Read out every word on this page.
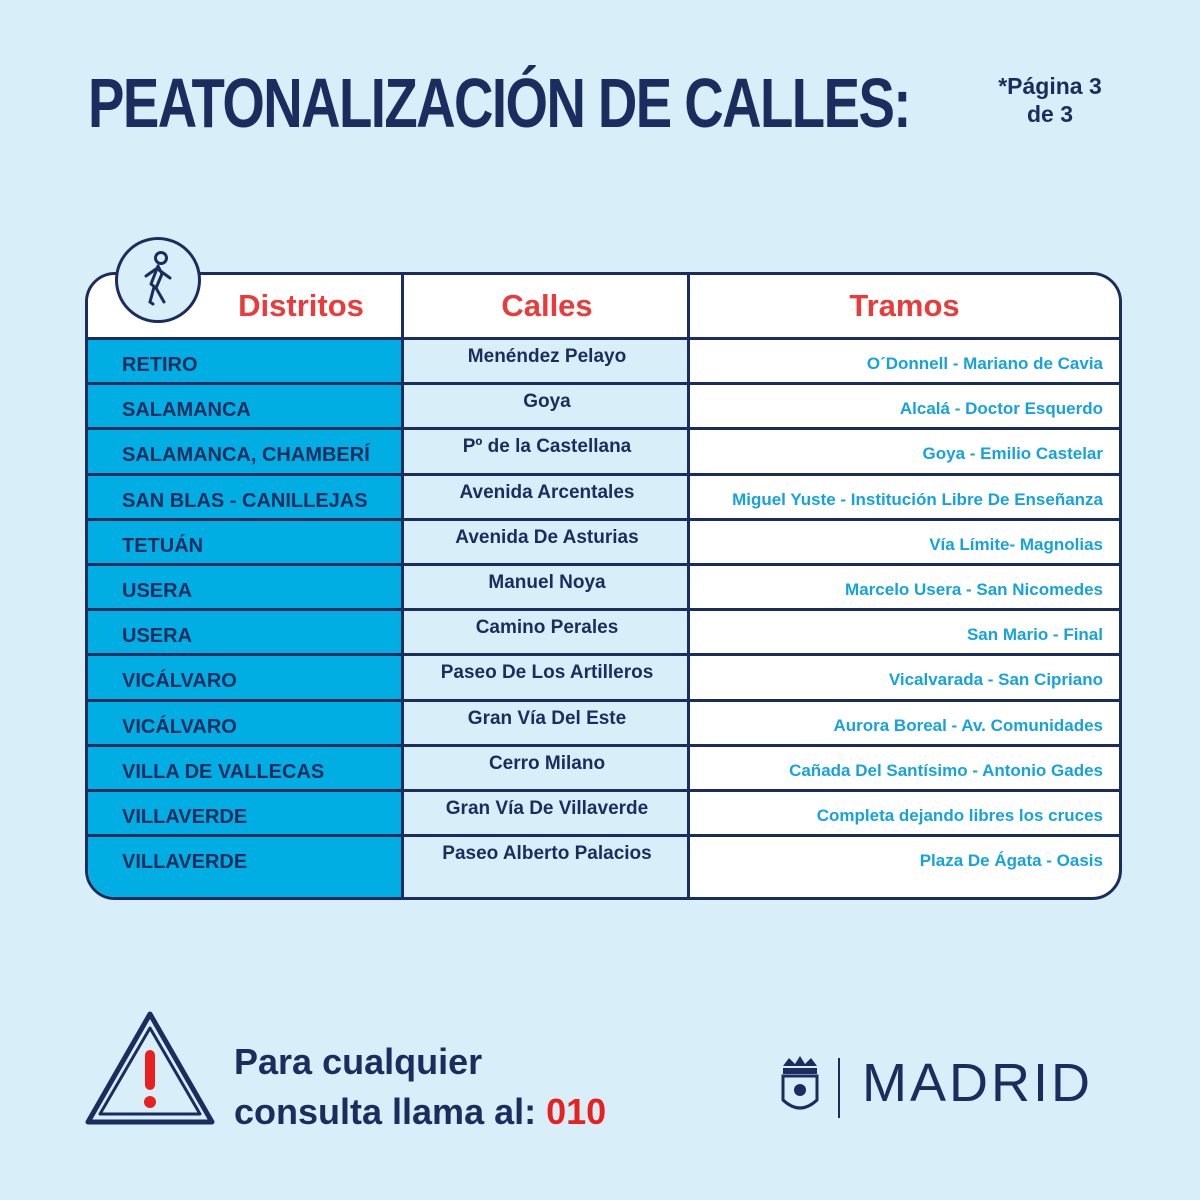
PEATONALIZACIÓN DE CALLES:	*Página 3
de 3
Distritos	Calles	Tramos
RETIRO	Menéndez Pelayo	O´Donnell - Mariano de Cavia
SALAMANCA	Goya	Alcalá - Doctor Esquerdo
SALAMANCA, CHAMBERÍ	Pº de la Castellana	Goya - Emilio Castelar
SAN BLAS - CANILLEJAS	Avenida Arcentales	Miguel Yuste - Institución Libre De Enseñanza
TETUÁN	Avenida De Asturias	Vía Límite- Magnolias
USERA	Manuel Noya	Marcelo Usera - San Nicomedes
USERA	Camino Perales	San Mario - Final
VICÁLVARO	Paseo De Los Artilleros	Vicalvarada - San Cipriano
VICÁLVARO	Gran Vía Del Este	Aurora Boreal - Av. Comunidades
VILLA DE VALLECAS	Cerro Milano	Cañada Del Santísimo - Antonio Gades
VILLAVERDE	Gran Vía De Villaverde	Completa dejando libres los cruces
VILLAVERDE	Paseo Alberto Palacios	Plaza De Ágata - Oasis
Para cualquier
consulta llama al: 010	MADRID
